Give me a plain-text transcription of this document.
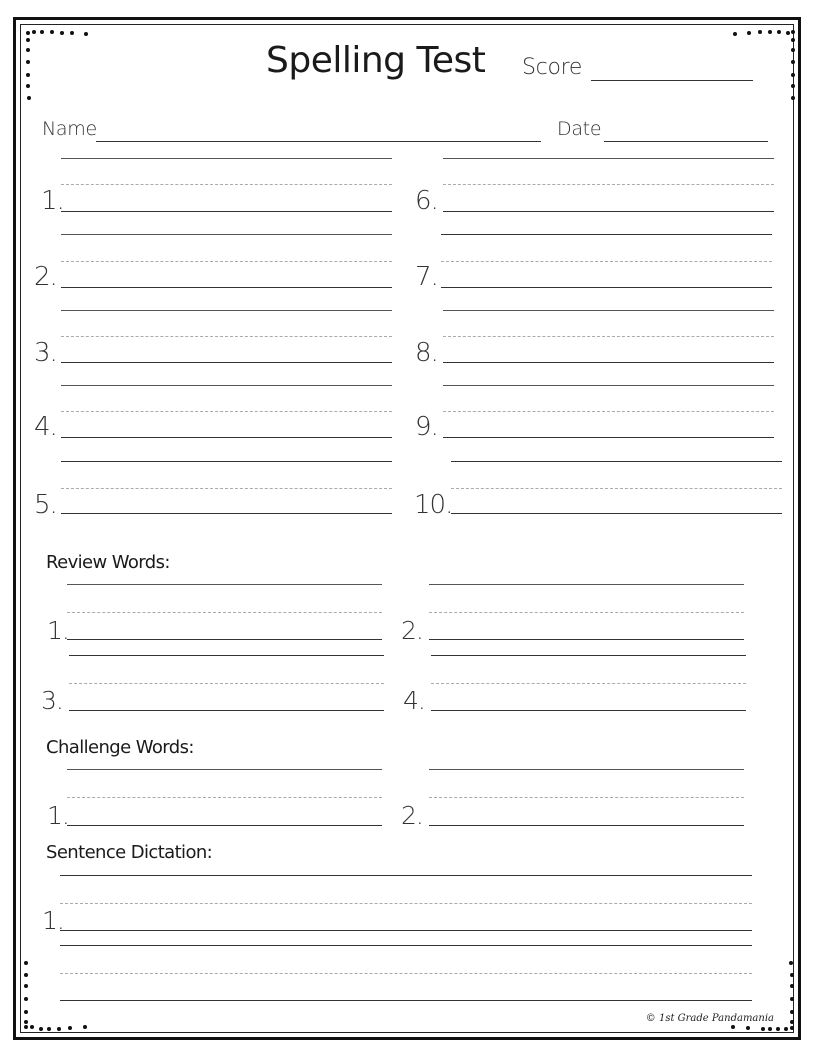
Spelling Test Score
Name	Date
1.
2.
3.
4.
5.
6.
7.
8.
9.
10.
Review Words:
1.	2.
3.	4.
Challenge Words:
1.	2.
Sentence Dictation:
1.
© 1st Grade Pandamania
